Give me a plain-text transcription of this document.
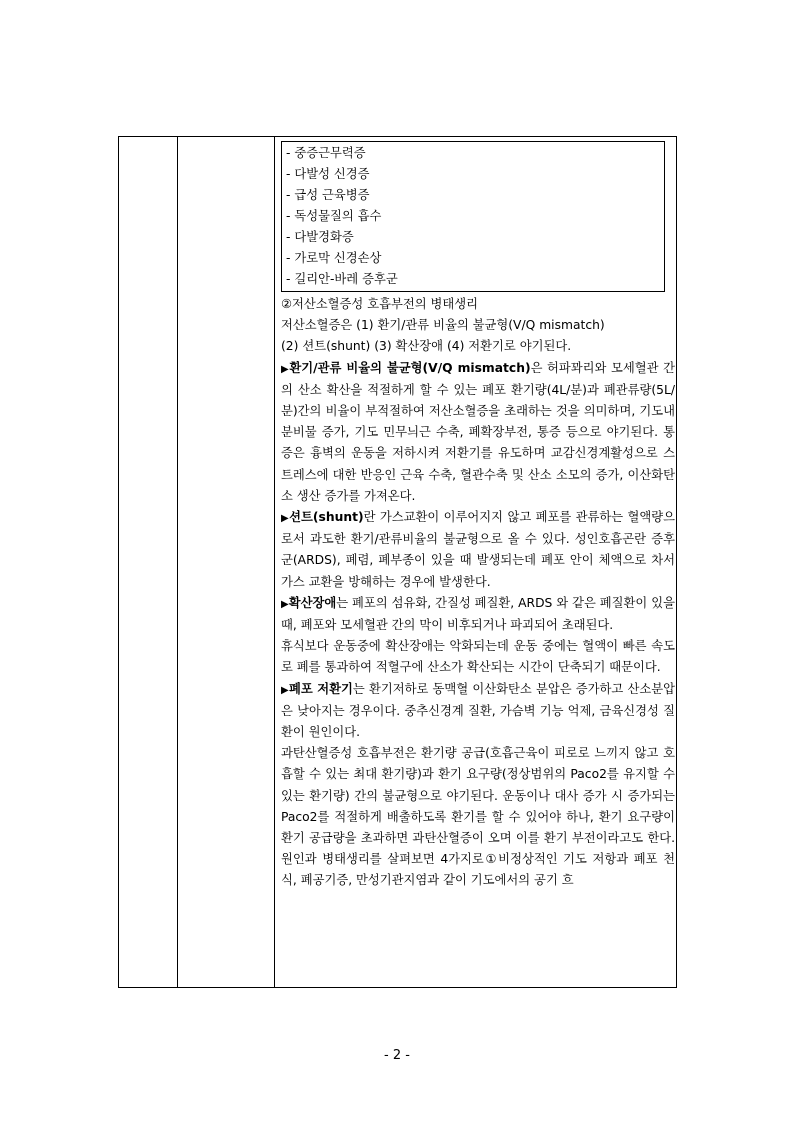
- 중증근무력증
- 다발성 신경증
- 급성 근육병증
- 독성물질의 흡수
- 다발경화증
- 가로막 신경손상
- 길리안-바레 증후군
②저산소혈증성 호흡부전의 병태생리
저산소혈증은 (1) 환기/관류 비율의 불균형(V/Q mismatch)
(2) 션트(shunt) (3) 확산장애 (4) 저환기로 야기된다.

▶환기/관류 비율의 불균형(V/Q mismatch)은 허파꽈리와 모세혈관 간의 산소 확산을 적절하게 할 수 있는 폐포 환기량(4L/분)과 폐관류량(5L/분)간의 비율이 부적절하여 저산소혈증을 초래하는 것을 의미하며, 기도내 분비물 증가, 기도 민무늬근 수축, 폐확장부전, 통증 등으로 야기된다. 통증은 흉벽의 운동을 저하시켜 저환기를 유도하며 교감신경계활성으로 스트레스에 대한 반응인 근육 수축, 혈관수축 및 산소 소모의 증가, 이산화탄소 생산 증가를 가져온다.

▶션트(shunt)란 가스교환이 이루어지지 않고 폐포를 관류하는 혈액량으로서 과도한 환기/관류비율의 불균형으로 올 수 있다. 성인호흡곤란 증후군(ARDS), 폐렴, 폐부종이 있을 때 발생되는데 폐포 안이 체액으로 차서 가스 교환을 방해하는 경우에 발생한다.

▶확산장애는 폐포의 섬유화, 간질성 폐질환, ARDS 와 같은 폐질환이 있을 때, 폐포와 모세혈관 간의 막이 비후되거나 파괴되어 초래된다.

휴식보다 운동중에 확산장애는 악화되는데 운동 중에는 혈액이 빠른 속도로 폐를 통과하여 적혈구에 산소가 확산되는 시간이 단축되기 때문이다.

▶폐포 저환기는 환기저하로 동맥혈 이산화탄소 분압은 증가하고 산소분압은 낮아지는 경우이다. 중추신경계 질환, 가슴벽 기능 억제, 금육신경성 질환이 원인이다.

과탄산혈증성 호흡부전은 환기량 공급(호흡근육이 피로로 느끼지 않고 호흡할 수 있는 최대 환기량)과 환기 요구량(정상범위의 Paco2를 유지할 수 있는 환기량) 간의 불균형으로 야기된다. 운동이나 대사 증가 시 증가되는 Paco2를 적절하게 배출하도록 환기를 할 수 있어야 하나, 환기 요구량이 환기 공급량을 초과하면 과탄산혈증이 오며 이를 환기 부전이라고도 한다. 원인과 병태생리를 살펴보면 4가지로①비정상적인 기도 저항과 폐포 천식, 폐공기증, 만성기관지염과 같이 기도에서의 공기 흐

- 2 -
